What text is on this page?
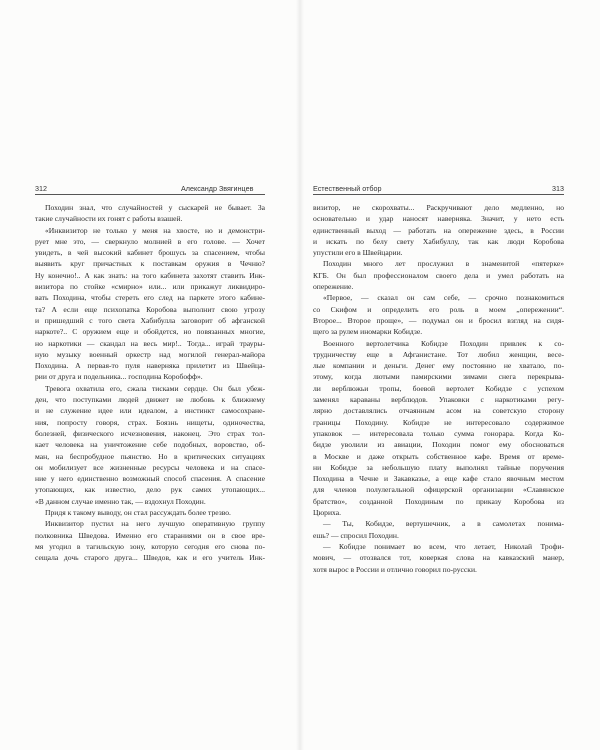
312	Александр Звягинцев
Походин знал, что случайностей у сыскарей не бывает. За
такие случайности их гонят с работы взашей.
«Инквизитор не только у меня на хвосте, но и демонстри-
рует мне это, — сверкнуло молнией в его голове. — Хочет
увидеть, в чей высокий кабинет брошусь за спасением, чтобы
выявить круг причастных к поставкам оружия в Чечню?
Ну конечно!.. А как знать: на того кабинета захотят ставить Инк-
визитора по стойке «смирно» или... или прикажут ликвидиро-
вать Походина, чтобы стереть его след на паркете этого кабине-
та? А если еще психопатка Коробова выполнит свою угрозу
и пришедший с того света Хабибулла заговорит об афганской
наркоте?.. С оружием еще и обойдется, но повязанных многие,
но наркотики — скандал на весь мир!.. Тогда... играй трауры-
ную музыку военный оркестр над могилой генерал-майора
Походина. А первая-то пуля наверняка прилетит из Швейца-
рии от друга и подельника... господина Коробофф».
Тревога охватила его, сжала тисками сердце. Он был убеж-
ден, что поступками людей движет не любовь к ближнему
и не служение идее или идеалом, а инстинкт самосохране-
ния, попросту говоря, страх. Боязнь нищеты, одиночества,
болезней, физического исчезновения, наконец. Это страх тол-
кает человека на уничтожение себе подобных, воровство, об-
ман, на беспробудное пьянство. Но в критических ситуациях
он мобилизует все жизненные ресурсы человека и на спасе-
ние у него единственно возможный способ спасения. А спасение
утопающих, как известно, дело рук самих утопающих...
«В данном случае именно так, — вздохнул Походин.
Придя к такому выводу, он стал рассуждать более трезво.
Инквизитор пустил на него лучшую оперативную группу
полковника Шведова. Именно его стараниями он в свое вре-
мя угодил в тагильскую зону, которую сегодня его снова по-
сещала дочь старого друга... Шведов, как и его учитель Инк-
Естественный отбор	313
визитор, не скорохваты... Раскручивают дело медленно, но
основательно и удар наносят наверняка. Значит, у нето есть
единственный выход — работать на опережение здесь, в России
и искать по белу свету Хабибуллу, так как люди Коробова
упустили его в Швейцарии.
Походин много лет прослужил в знаменитой «пятерке»
КГБ. Он был профессионалом своего дела и умел работать на
опережение.
«Первое, — сказал он сам себе, — срочно познакомиться
со Скифом и определить его роль в моем „опережении“.
Второе... Второе проще», — подумал он и бросил взгляд на сидя-
щего за рулем иномарки Кобидзе.
Военного вертолетчика Кобидзе Походин привлек к со-
трудничеству еще в Афганистане. Тот любил женщин, весе-
лые компании и деньги. Денег ему постоянно не хватало, по-
этому, когда лютыми памирскими зимами снега перекрыва-
ли верблюжьи тропы, боевой вертолет Кобидзе с успехом
заменял караваны верблюдов. Упаковки с наркотиками регу-
лярно доставлялись отчаянным асом на советскую сторону
границы Походину. Кобидзе не интересовало содержимое
упаковок — интересовала только сумма гонорара. Когда Ко-
бидзе уволили из авиации, Походин помог ему обосноваться
в Москве и даже открыть собственное кафе. Время от време-
ни Кобидзе за небольшую плату выполнял тайные поручения
Походина в Чечне и Закавказье, а еще кафе стало явочным местом
для членов полулегальной офицерской организации «Славянское
братство», созданной Походиным по приказу Коробова из
Цюриха.
— Ты, Кобидзе, вертушечник, а в самолетах понима-
ешь? — спросил Походин.
— Кобидзе понимает во всем, что летает, Николай Трофи-
мович, — отозвался тот, коверкая слова на кавказский манер,
хотя вырос в России и отлично говорил по-русски.
